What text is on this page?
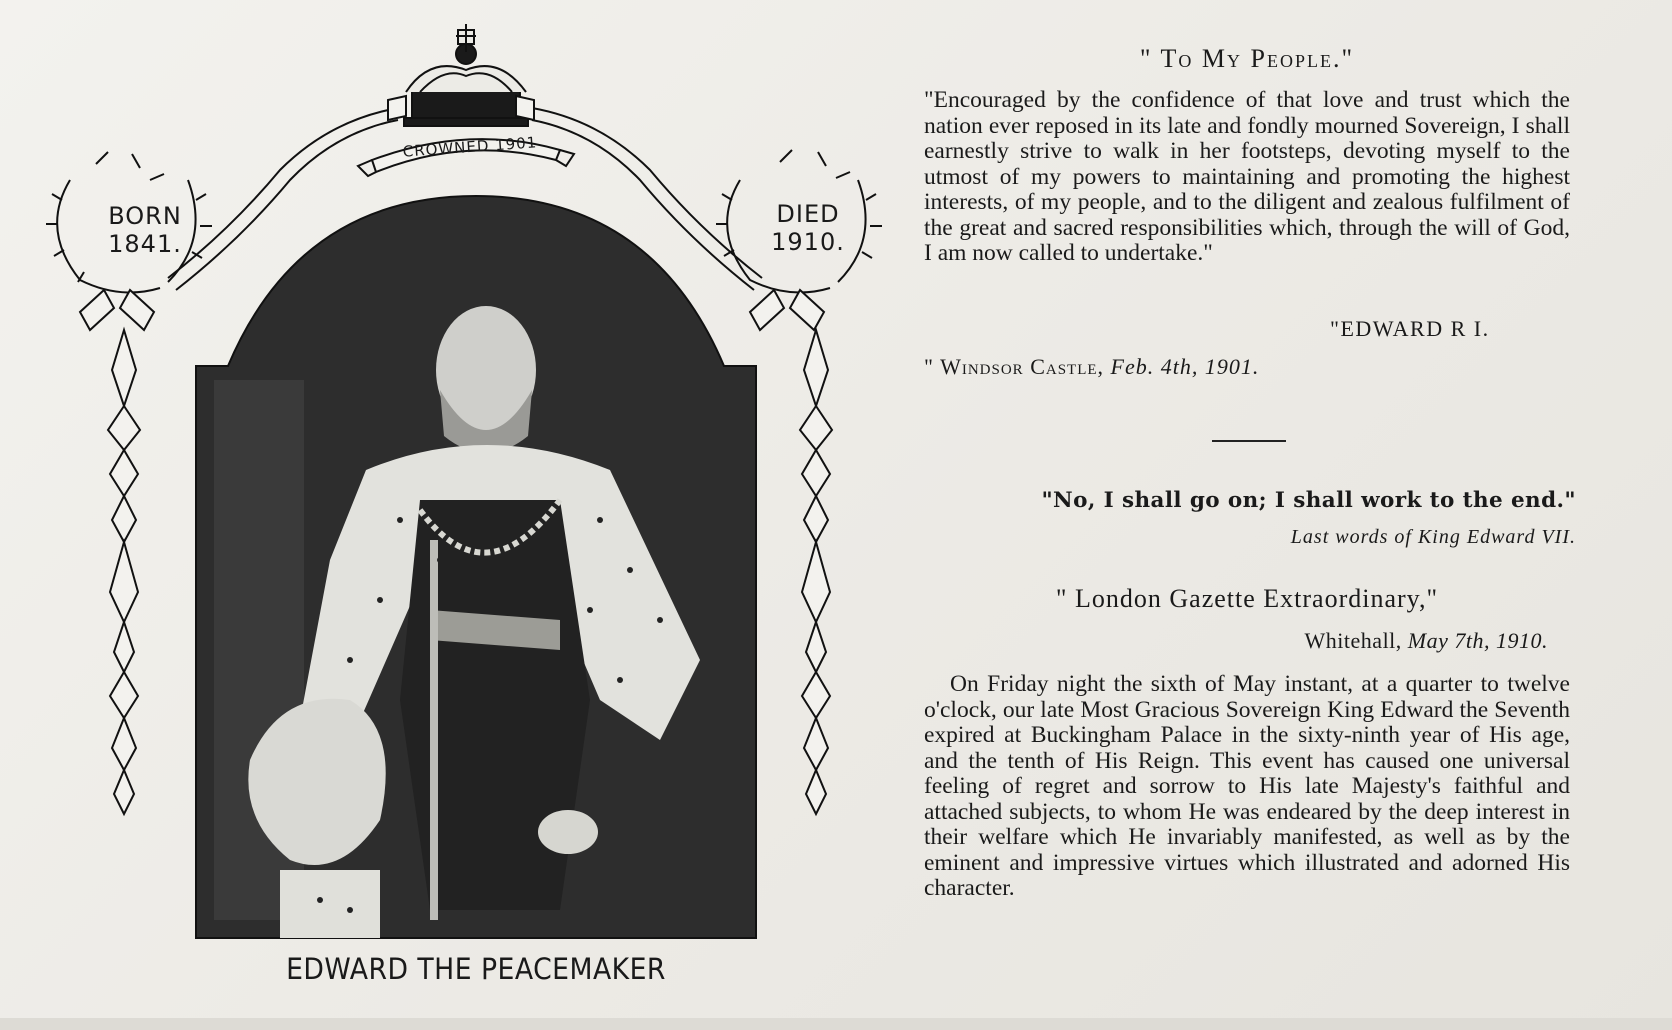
BORN
1841.
DIED
1910.
CROWNED 1901
EDWARD THE PEACEMAKER
" To My People."
"Encouraged by the confidence of that love and trust which the nation ever reposed in its late and fondly mourned Sovereign, I shall earnestly strive to walk in her footsteps, devoting myself to the utmost of my powers to maintaining and promoting the highest interests, of my people, and to the diligent and zealous fulfilment of the great and sacred responsibilities which, through the will of God, I am now called to undertake."
"EDWARD R I.
" Windsor Castle, Feb. 4th, 1901.
"No, I shall go on; I shall work to the end."
Last words of King Edward VII.
" London Gazette Extraordinary,"
Whitehall, May 7th, 1910.
On Friday night the sixth of May instant, at a quarter to twelve o'clock, our late Most Gracious Sovereign King Edward the Seventh expired at Buckingham Palace in the sixty-ninth year of His age, and the tenth of His Reign. This event has caused one universal feeling of regret and sorrow to His late Majesty's faithful and attached subjects, to whom He was endeared by the deep interest in their welfare which He invariably manifested, as well as by the eminent and impressive virtues which illustrated and adorned His character.
